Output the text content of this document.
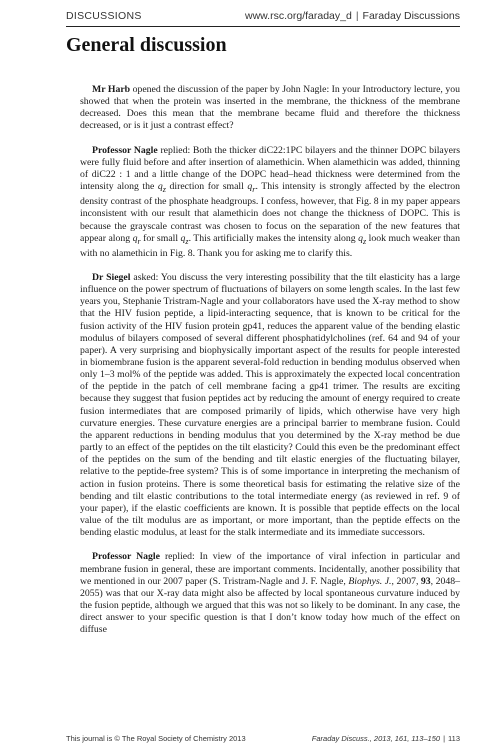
DISCUSSIONS	www.rsc.org/faraday_d | Faraday Discussions
General discussion

Mr Harb opened the discussion of the paper by John Nagle: In your Introductory lecture, you showed that when the protein was inserted in the membrane, the thickness of the membrane decreased. Does this mean that the membrane became fluid and therefore the thickness decreased, or is it just a contrast effect?

Professor Nagle replied: Both the thicker diC22:1PC bilayers and the thinner DOPC bilayers were fully fluid before and after insertion of alamethicin. When alamethicin was added, thinning of diC22 : 1 and a little change of the DOPC head–head thickness were determined from the intensity along the $q_z$ direction for small $q_r$. This intensity is strongly affected by the electron density contrast of the phosphate headgroups. I confess, however, that Fig. 8 in my paper appears inconsistent with our result that alamethicin does not change the thickness of DOPC. This is because the grayscale contrast was chosen to focus on the separation of the new features that appear along $q_r$ for small $q_z$. This artificially makes the intensity along $q_z$ look much weaker than with no alamethicin in Fig. 8. Thank you for asking me to clarify this.

Dr Siegel asked: You discuss the very interesting possibility that the tilt elasticity has a large influence on the power spectrum of fluctuations of bilayers on some length scales. In the last few years you, Stephanie Tristram-Nagle and your collaborators have used the X-ray method to show that the HIV fusion peptide, a lipid-interacting sequence, that is known to be critical for the fusion activity of the HIV fusion protein gp41, reduces the apparent value of the bending elastic modulus of bilayers composed of several different phosphatidylcholines (ref. 64 and 94 of your paper). A very surprising and biophysically important aspect of the results for people interested in biomembrane fusion is the apparent several-fold reduction in bending modulus observed when only 1–3 mol% of the peptide was added. This is approximately the expected local concentration of the peptide in the patch of cell membrane facing a gp41 trimer. The results are exciting because they suggest that fusion peptides act by reducing the amount of energy required to create fusion intermediates that are composed primarily of lipids, which otherwise have very high curvature energies. These curvature energies are a principal barrier to membrane fusion. Could the apparent reductions in bending modulus that you determined by the X-ray method be due partly to an effect of the peptides on the tilt elasticity? Could this even be the predominant effect of the peptides on the sum of the bending and tilt elastic energies of the fluctuating bilayer, relative to the peptide-free system? This is of some importance in interpreting the mechanism of action in fusion proteins. There is some theoretical basis for estimating the relative size of the bending and tilt elastic contributions to the total intermediate energy (as reviewed in ref. 9 of your paper), if the elastic coefficients are known. It is possible that peptide effects on the local value of the tilt modulus are as important, or more important, than the peptide effects on the bending elastic modulus, at least for the stalk intermediate and its immediate successors.

Professor Nagle replied: In view of the importance of viral infection in particular and membrane fusion in general, these are important comments. Incidentally, another possibility that we mentioned in our 2007 paper (S. Tristram-Nagle and J. F. Nagle, Biophys. J., 2007, 93, 2048–2055) was that our X-ray data might also be affected by local spontaneous curvature induced by the fusion peptide, although we argued that this was not so likely to be dominant. In any case, the direct answer to your specific question is that I don’t know today how much of the effect on diffuse

This journal is © The Royal Society of Chemistry 2013	Faraday Discuss., 2013, 161, 113–150 | 113
